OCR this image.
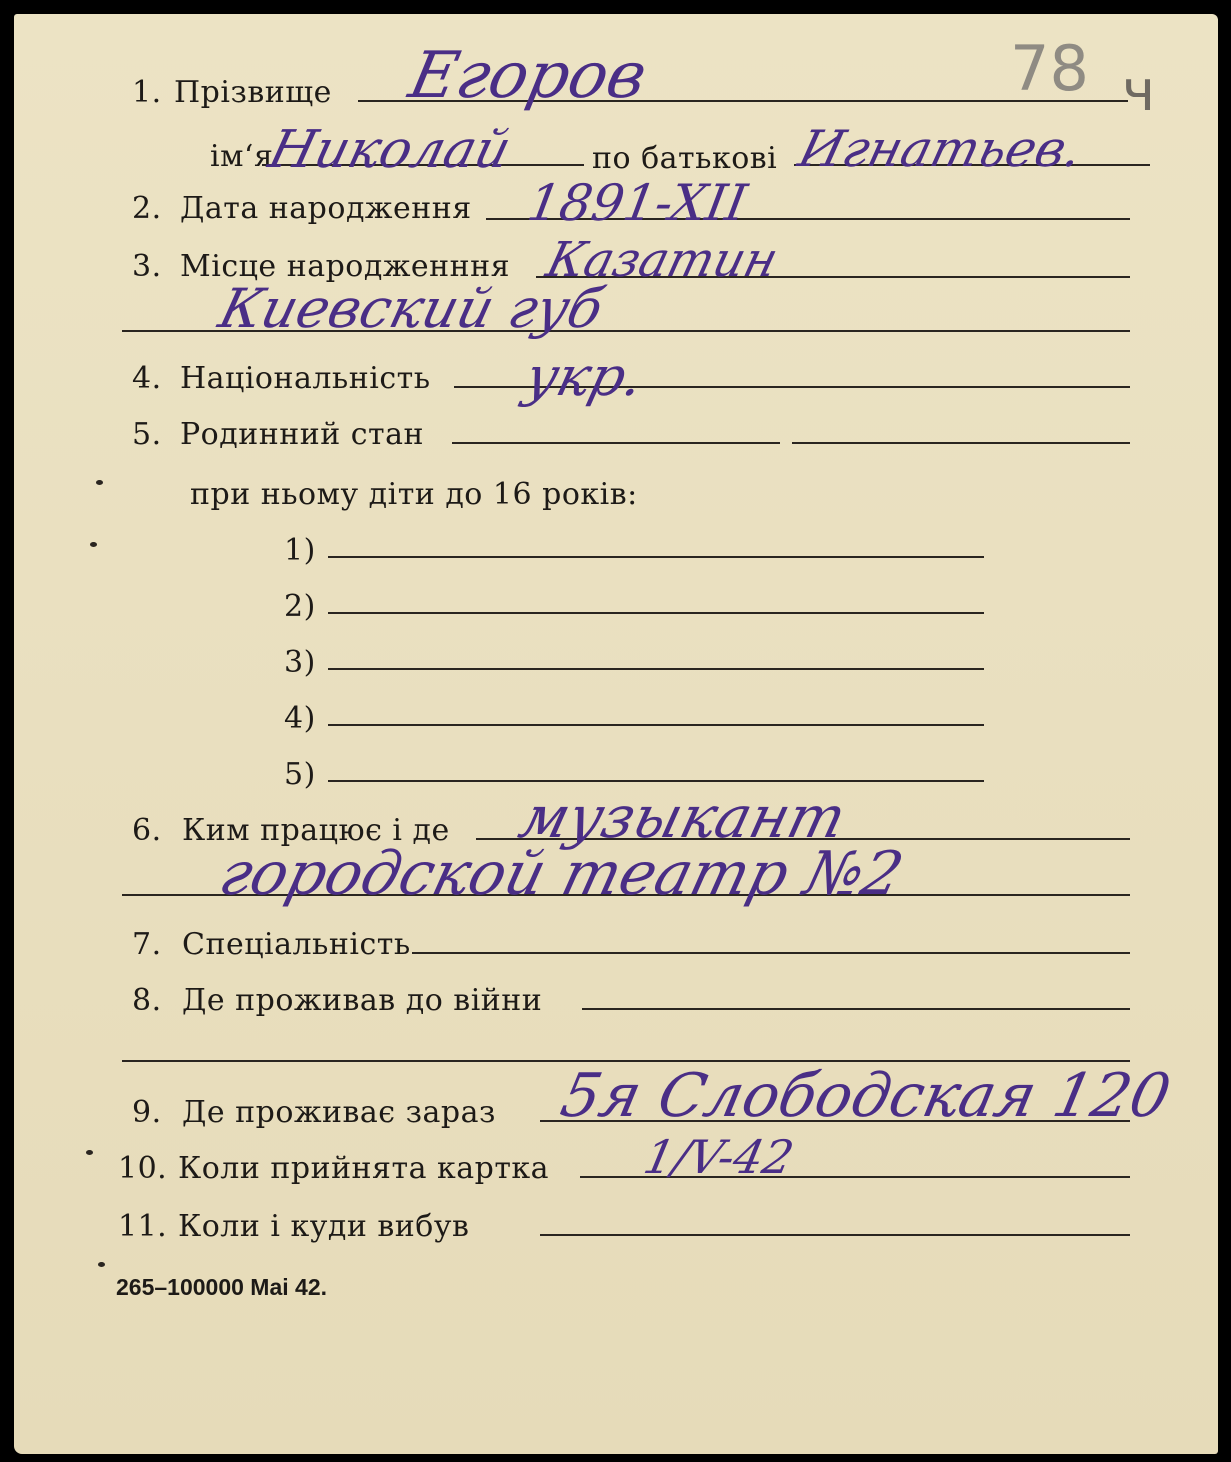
78 ч
1. Прізвище Егоров
ім‘я
Николай	по батькові Игнатьев.
2. Дата народження 1891-XII
3. Місце народженння Казатин
Киевский губ
4. Національність укр.
5. Родинний стан
при ньому діти до 16 років:
1)
2)
3)
4)
5)
6. Ким працює і де музыкант
городской театр №2
7. Спеціальність
8. Де проживав до війни
9. Де проживає зараз 5я Слободская 120
10. Коли прийнята картка 1/V-42
11. Коли і куди вибув
265–100000 Mai 42.
